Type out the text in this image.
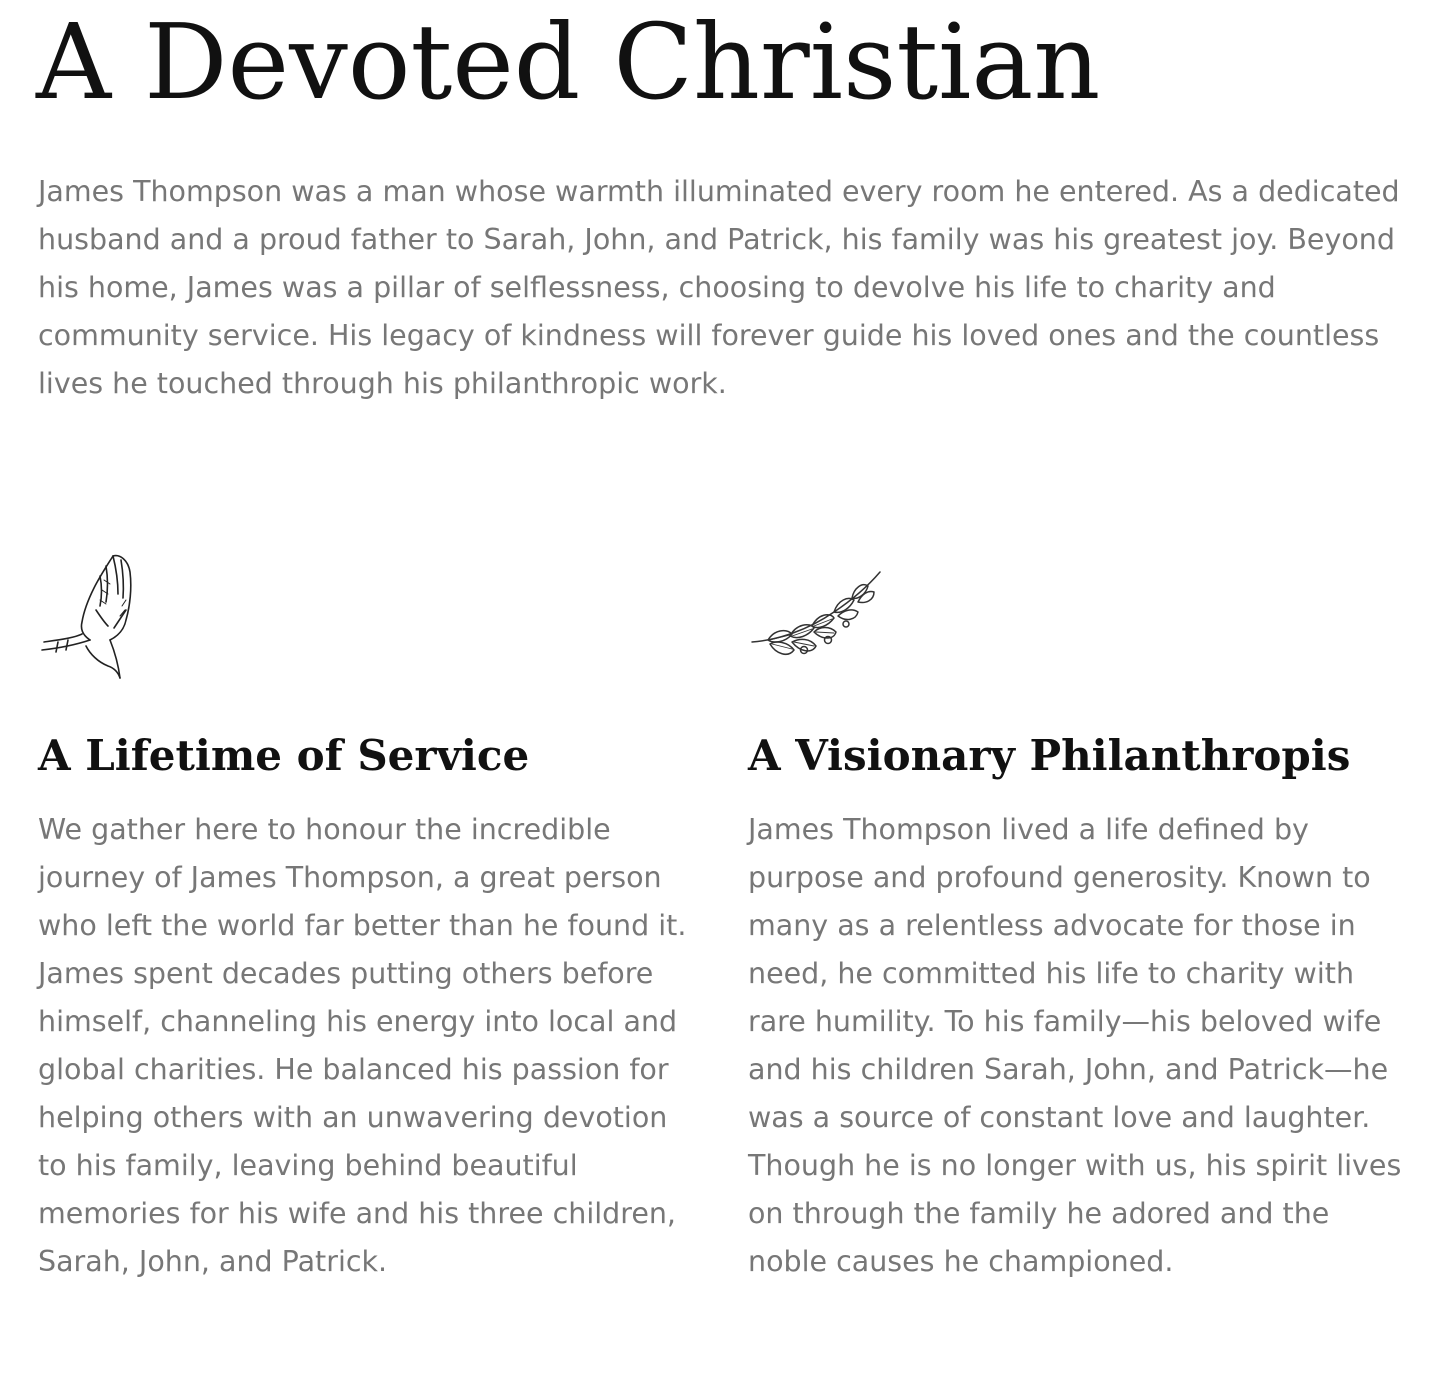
A Devoted Christian

James Thompson was a man whose warmth illuminated every room he entered. As a dedicated husband and a proud father to Sarah, John, and Patrick, his family was his greatest joy. Beyond his home, James was a pillar of selflessness, choosing to devolve his life to charity and community service. His legacy of kindness will forever guide his loved ones and the countless lives he touched through his philanthropic work.

A Lifetime of Service

We gather here to honour the incredible journey of James Thompson, a great person who left the world far better than he found it. James spent decades putting others before himself, channeling his energy into local and global charities. He balanced his passion for helping others with an unwavering devotion to his family, leaving behind beautiful memories for his wife and his three children, Sarah, John, and Patrick.

A Visionary Philanthropis

James Thompson lived a life defined by purpose and profound generosity. Known to many as a relentless advocate for those in need, he committed his life to charity with rare humility. To his family—his beloved wife and his children Sarah, John, and Patrick—he was a source of constant love and laughter. Though he is no longer with us, his spirit lives on through the family he adored and the noble causes he championed.
